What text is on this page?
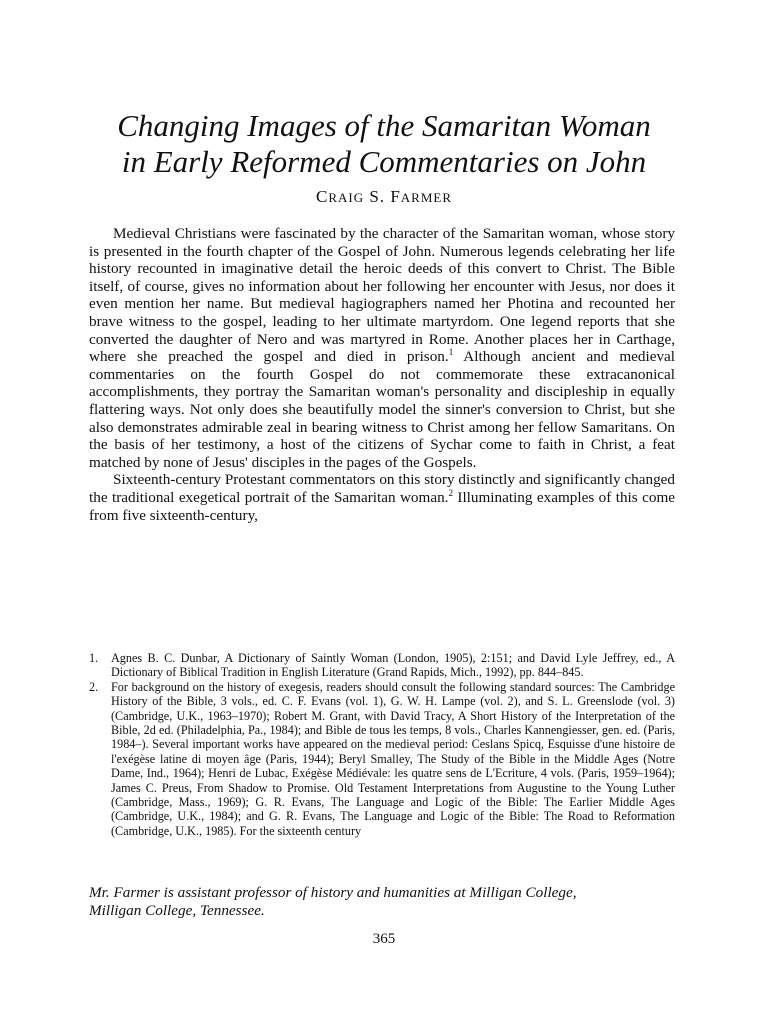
Changing Images of the Samaritan Woman
in Early Reformed Commentaries on John
CRAIG S. FARMER

Medieval Christians were fascinated by the character of the Samaritan woman, whose story is presented in the fourth chapter of the Gospel of John. Numerous legends celebrating her life history recounted in imaginative detail the heroic deeds of this convert to Christ. The Bible itself, of course, gives no information about her following her encounter with Jesus, nor does it even mention her name. But medieval hagiographers named her Photina and recounted her brave witness to the gospel, leading to her ultimate martyrdom. One legend reports that she converted the daughter of Nero and was martyred in Rome. Another places her in Carthage, where she preached the gospel and died in prison.$^1$ Although ancient and medieval commentaries on the fourth Gospel do not commemorate these extracanonical accomplishments, they portray the Samaritan woman's personality and discipleship in equally flattering ways. Not only does she beautifully model the sinner's conversion to Christ, but she also demonstrates admirable zeal in bearing witness to Christ among her fellow Samaritans. On the basis of her testimony, a host of the citizens of Sychar come to faith in Christ, a feat matched by none of Jesus' disciples in the pages of the Gospels.

Sixteenth-century Protestant commentators on this story distinctly and significantly changed the traditional exegetical portrait of the Samaritan woman.$^2$ Illuminating examples of this come from five sixteenth-century,

1. Agnes B. C. Dunbar, A Dictionary of Saintly Woman (London, 1905), 2:151; and David Lyle Jeffrey, ed., A Dictionary of Biblical Tradition in English Literature (Grand Rapids, Mich., 1992), pp. 844–845.
2. For background on the history of exegesis, readers should consult the following standard sources: The Cambridge History of the Bible, 3 vols., ed. C. F. Evans (vol. 1), G. W. H. Lampe (vol. 2), and S. L. Greenslode (vol. 3) (Cambridge, U.K., 1963–1970); Robert M. Grant, with David Tracy, A Short History of the Interpretation of the Bible, 2d ed. (Philadelphia, Pa., 1984); and Bible de tous les temps, 8 vols., Charles Kannengiesser, gen. ed. (Paris, 1984–). Several important works have appeared on the medieval period: Ceslans Spicq, Esquisse d'une histoire de l'exégèse latine di moyen âge (Paris, 1944); Beryl Smalley, The Study of the Bible in the Middle Ages (Notre Dame, Ind., 1964); Henri de Lubac, Exégèse Médiévale: les quatre sens de L'Ecriture, 4 vols. (Paris, 1959–1964); James C. Preus, From Shadow to Promise. Old Testament Interpretations from Augustine to the Young Luther (Cambridge, Mass., 1969); G. R. Evans, The Language and Logic of the Bible: The Earlier Middle Ages (Cambridge, U.K., 1984); and G. R. Evans, The Language and Logic of the Bible: The Road to Reformation (Cambridge, U.K., 1985). For the sixteenth century
Mr. Farmer is assistant professor of history and humanities at Milligan College,
Milligan College, Tennessee.
365
